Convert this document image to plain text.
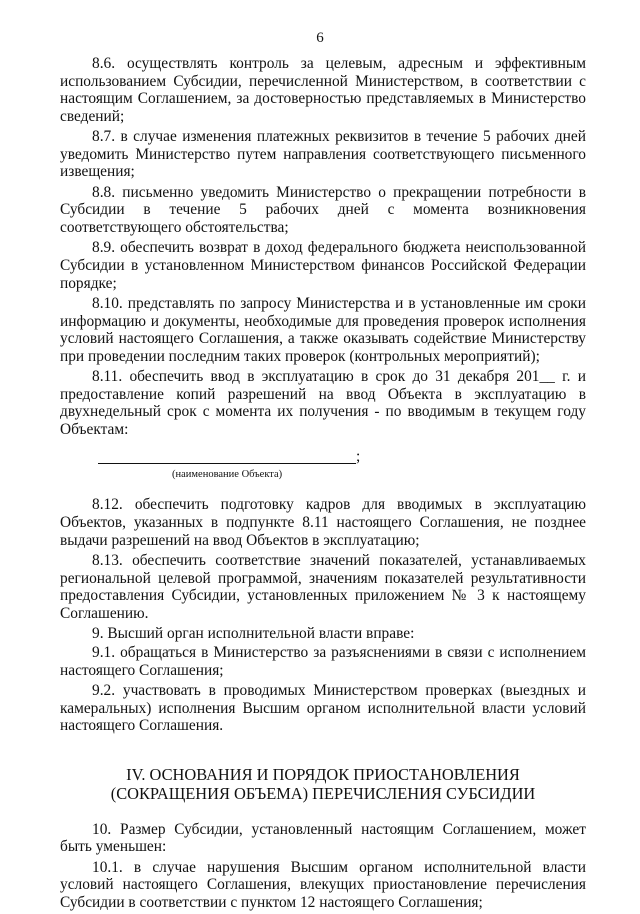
6

8.6. осуществлять контроль за целевым, адресным и эффективным использованием Субсидии, перечисленной Министерством, в соответствии с настоящим Соглашением, за достоверностью представляемых в Министерство сведений;

8.7. в случае изменения платежных реквизитов в течение 5 рабочих дней уведомить Министерство путем направления соответствующего письменного извещения;

8.8. письменно уведомить Министерство о прекращении потребности в Субсидии в течение 5 рабочих дней с момента возникновения соответствующего обстоятельства;

8.9. обеспечить возврат в доход федерального бюджета неиспользованной Субсидии в установленном Министерством финансов Российской Федерации порядке;

8.10. представлять по запросу Министерства и в установленные им сроки информацию и документы, необходимые для проведения проверок исполнения условий настоящего Соглашения, а также оказывать содействие Министерству при проведении последним таких проверок (контрольных мероприятий);

8.11. обеспечить ввод в эксплуатацию в срок до 31 декабря 201__ г. и предоставление копий разрешений на ввод Объекта в эксплуатацию в двухнедельный срок с момента их получения - по вводимым в текущем году Объектам:

;
(наименование Объекта)

8.12. обеспечить подготовку кадров для вводимых в эксплуатацию Объектов, указанных в подпункте 8.11 настоящего Соглашения, не позднее выдачи разрешений на ввод Объектов в эксплуатацию;

8.13. обеспечить соответствие значений показателей, устанавливаемых региональной целевой программой, значениям показателей результативности предоставления Субсидии, установленных приложением № 3 к настоящему Соглашению.

9. Высший орган исполнительной власти вправе:

9.1. обращаться в Министерство за разъяснениями в связи с исполнением настоящего Соглашения;

9.2. участвовать в проводимых Министерством проверках (выездных и камеральных) исполнения Высшим органом исполнительной власти условий настоящего Соглашения.

IV. ОСНОВАНИЯ И ПОРЯДОК ПРИОСТАНОВЛЕНИЯ
(СОКРАЩЕНИЯ ОБЪЕМА) ПЕРЕЧИСЛЕНИЯ СУБСИДИИ

10. Размер Субсидии, установленный настоящим Соглашением, может быть уменьшен:

10.1. в случае нарушения Высшим органом исполнительной власти условий настоящего Соглашения, влекущих приостановление перечисления Субсидии в соответствии с пунктом 12 настоящего Соглашения;
